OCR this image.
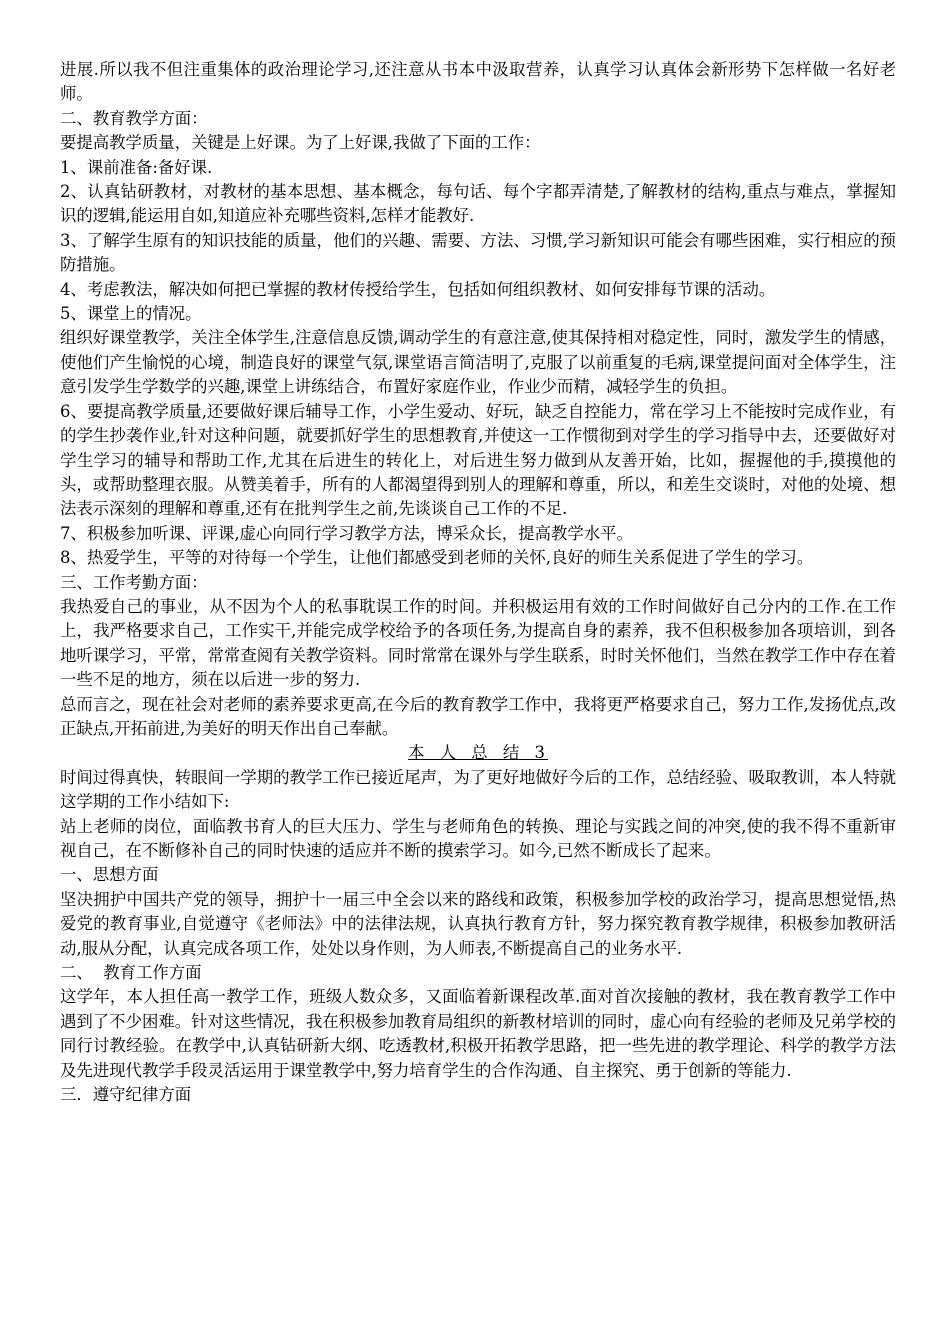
进展.所以我不但注重集体的政治理论学习,还注意从书本中汲取营养，认真学习认真体会新形势下怎样做一名好老师。

二、教育教学方面：

要提高教学质量，关键是上好课。为了上好课,我做了下面的工作：

1、课前准备:备好课.

2、认真钻研教材，对教材的基本思想、基本概念，每句话、每个字都弄清楚,了解教材的结构,重点与难点，掌握知识的逻辑,能运用自如,知道应补充哪些资料,怎样才能教好.

3、了解学生原有的知识技能的质量，他们的兴趣、需要、方法、习惯,学习新知识可能会有哪些困难，实行相应的预防措施。

4、考虑教法，解决如何把已掌握的教材传授给学生，包括如何组织教材、如何安排每节课的活动。

5、课堂上的情况。

组织好课堂教学，关注全体学生,注意信息反馈,调动学生的有意注意,使其保持相对稳定性，同时，激发学生的情感，使他们产生愉悦的心境，制造良好的课堂气氛,课堂语言简洁明了,克服了以前重复的毛病,课堂提问面对全体学生，注意引发学生学数学的兴趣,课堂上讲练结合，布置好家庭作业，作业少而精，减轻学生的负担。

6、要提高教学质量,还要做好课后辅导工作，小学生爱动、好玩，缺乏自控能力，常在学习上不能按时完成作业，有的学生抄袭作业,针对这种问题，就要抓好学生的思想教育,并使这一工作惯彻到对学生的学习指导中去，还要做好对学生学习的辅导和帮助工作,尤其在后进生的转化上，对后进生努力做到从友善开始，比如，握握他的手,摸摸他的头，或帮助整理衣服。从赞美着手，所有的人都渴望得到别人的理解和尊重，所以，和差生交谈时，对他的处境、想法表示深刻的理解和尊重,还有在批判学生之前,先谈谈自己工作的不足.

7、积极参加听课、评课,虚心向同行学习教学方法，博采众长，提高教学水平。

8、热爱学生，平等的对待每一个学生，让他们都感受到老师的关怀,良好的师生关系促进了学生的学习。

三、工作考勤方面：

我热爱自己的事业，从不因为个人的私事耽误工作的时间。并积极运用有效的工作时间做好自己分内的工作.在工作上，我严格要求自己，工作实干,并能完成学校给予的各项任务,为提高自身的素养，我不但积极参加各项培训，到各地听课学习，平常，常常查阅有关教学资料。同时常常在课外与学生联系，时时关怀他们，当然在教学工作中存在着一些不足的地方，须在以后进一步的努力.

总而言之，现在社会对老师的素养要求更高,在今后的教育教学工作中，我将更严格要求自己，努力工作,发扬优点,改正缺点,开拓前进,为美好的明天作出自己奉献。

本 人 总 结 3

时间过得真快，转眼间一学期的教学工作已接近尾声，为了更好地做好今后的工作，总结经验、吸取教训，本人特就这学期的工作小结如下:

站上老师的岗位，面临教书育人的巨大压力、学生与老师角色的转换、理论与实践之间的冲突,使的我不得不重新审视自己，在不断修补自己的同时快速的适应并不断的摸索学习。如今,已然不断成长了起来。

一、思想方面

坚决拥护中国共产党的领导，拥护十一届三中全会以来的路线和政策，积极参加学校的政治学习，提高思想觉悟,热爱党的教育事业,自觉遵守《老师法》中的法律法规，认真执行教育方针，努力探究教育教学规律，积极参加教研活动,服从分配，认真完成各项工作，处处以身作则，为人师表,不断提高自己的业务水平.

二、  教育工作方面

这学年，本人担任高一教学工作，班级人数众多，又面临着新课程改革.面对首次接触的教材，我在教育教学工作中遇到了不少困难。针对这些情况，我在积极参加教育局组织的新教材培训的同时，虚心向有经验的老师及兄弟学校的同行讨教经验。在教学中,认真钻研新大纲、吃透教材,积极开拓教学思路，把一些先进的教学理论、科学的教学方法及先进现代教学手段灵活运用于课堂教学中,努力培育学生的合作沟通、自主探究、勇于创新的等能力.

三．遵守纪律方面
